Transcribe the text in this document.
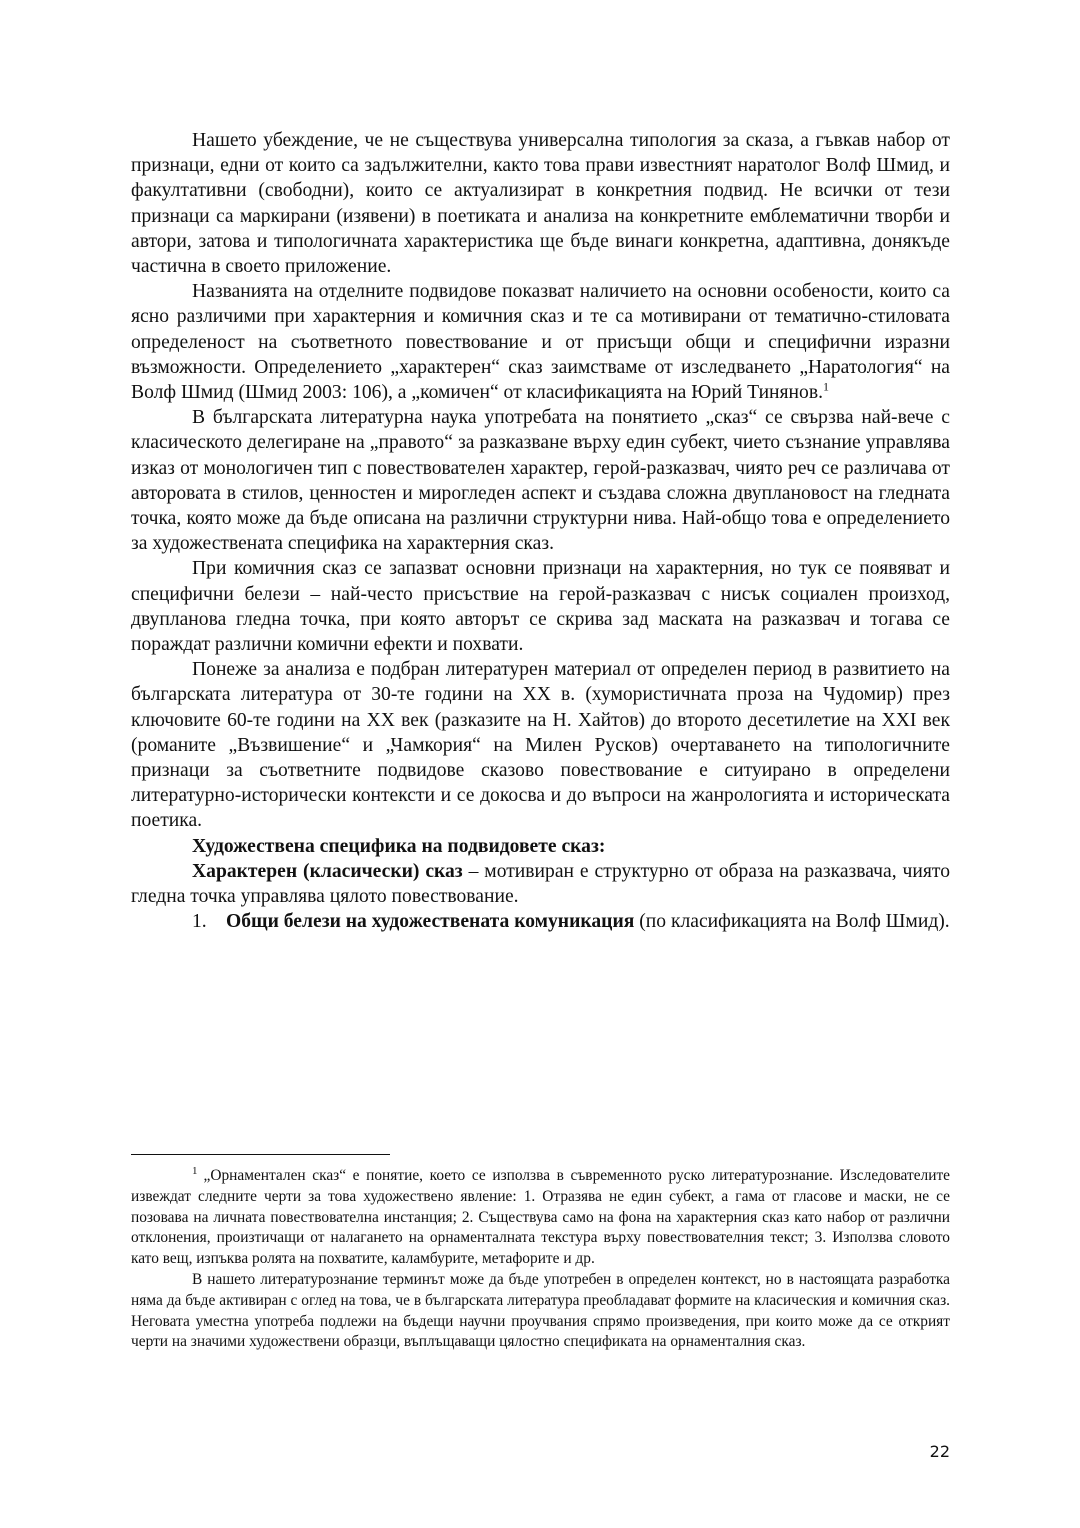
Нашето убеждение, че не съществува универсална типология за сказа, а гъвкав набор от признаци, едни от които са задължителни, както това прави известният наратолог Волф Шмид, и факултативни (свободни), които се актуализират в конкретния подвид. Не всички от тези признаци са маркирани (изявени) в поетиката и анализа на конкретните емблематични творби и автори, затова и типологичната характеристика ще бъде винаги конкретна, адаптивна, донякъде частична в своето приложение.

Названията на отделните подвидове показват наличието на основни особености, които са ясно различими при характерния и комичния сказ и те са мотивирани от тематично-стиловата определеност на съответното повествование и от присъщи общи и специфични изразни възможности. Определението „характерен“ сказ заимстваме от изследването „Наратология“ на Волф Шмид (Шмид 2003: 106), а „комичен“ от класификацията на Юрий Тинянов.$^1$

В българската литературна наука употребата на понятието „сказ“ се свързва най-вече с класическото делегиране на „правото“ за разказване върху един субект, чието съзнание управлява изказ от монологичен тип с повествователен характер, герой-разказвач, чиято реч се различава от авторовата в стилов, ценностен и мирогледен аспект и създава сложна двуплановост на гледната точка, която може да бъде описана на различни структурни нива. Най-общо това е определението за художествената специфика на характерния сказ.

При комичния сказ се запазват основни признаци на характерния, но тук се появяват и специфични белези – най-често присъствие на герой-разказвач с нисък социален произход, двупланова гледна точка, при която авторът се скрива зад маската на разказвач и тогава се пораждат различни комични ефекти и похвати.

Понеже за анализа е подбран литературен материал от определен период в развитието на българската литература от 30-те години на XX в. (хумористичната проза на Чудомир) през ключовите 60-те години на XX век (разказите на Н. Хайтов) до второто десетилетие на XXI век (романите „Възвишение“ и „Чамкория“ на Милен Русков) очертаването на типологичните признаци за съответните подвидове сказово повествование е ситуирано в определени литературно-исторически контексти и се докосва и до въпроси на жанрологията и историческата поетика.

Художествена специфика на подвидовете сказ:

Характерен (класически) сказ – мотивиран е структурно от образа на разказвача, чиято гледна точка управлява цялото повествование.

1. Общи белези на художествената комуникация (по класификацията на Волф Шмид).

$^1$ „Орнаментален сказ“ е понятие, което се използва в съвременното руско литературознание. Изследователите извеждат следните черти за това художествено явление: 1. Отразява не един субект, а гама от гласове и маски, не се позовава на личната повествователна инстанция; 2. Съществува само на фона на характерния сказ като набор от различни отклонения, произтичащи от налагането на орнаменталната текстура върху повествователния текст; 3. Използва словото като вещ, изпъква ролята на похватите, каламбурите, метафорите и др.

В нашето литературознание терминът може да бъде употребен в определен контекст, но в настоящата разработка няма да бъде активиран с оглед на това, че в българската литература преобладават формите на класическия и комичния сказ. Неговата уместна употреба подлежи на бъдещи научни проучвания спрямо произведения, при които може да се открият черти на значими художествени образци, въплъщаващи цялостно спецификата на орнаменталния сказ.

22
